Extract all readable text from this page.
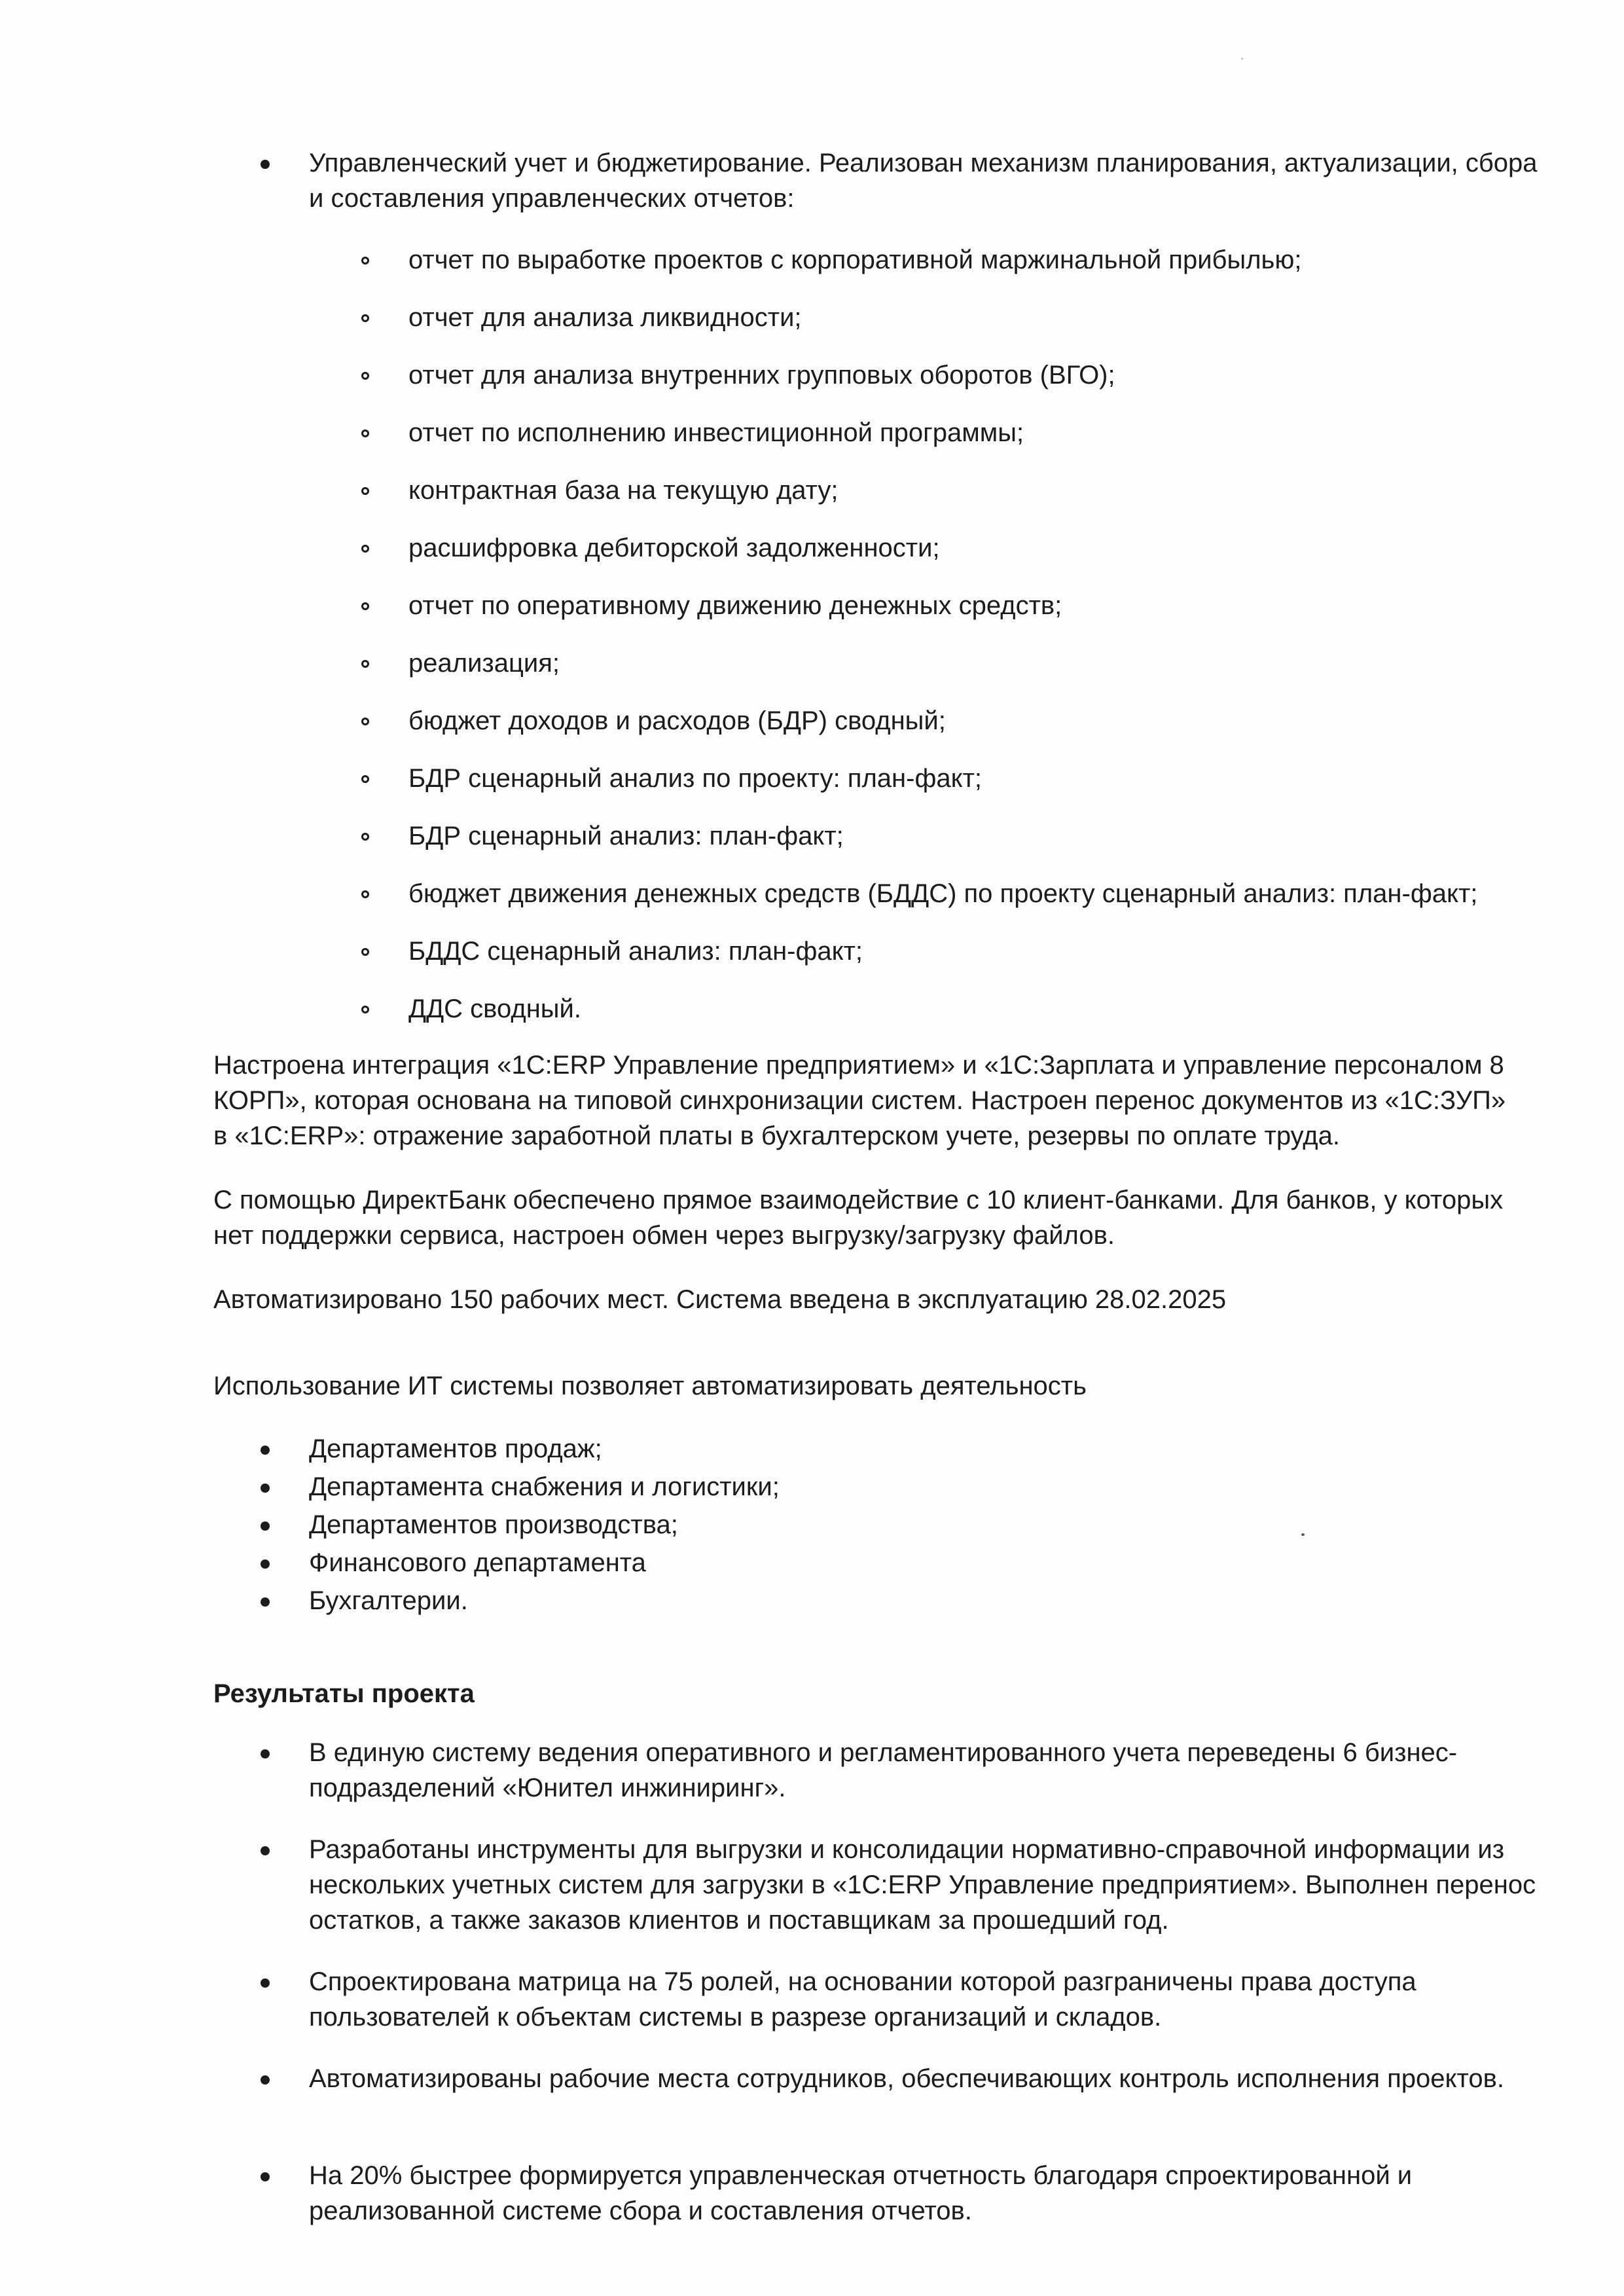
Управленческий учет и бюджетирование. Реализован механизм планирования, актуализации, сбора и составления управленческих отчетов:
отчет по выработке проектов с корпоративной маржинальной прибылью;
отчет для анализа ликвидности;
отчет для анализа внутренних групповых оборотов (ВГО);
отчет по исполнению инвестиционной программы;
контрактная база на текущую дату;
расшифровка дебиторской задолженности;
отчет по оперативному движению денежных средств;
реализация;
бюджет доходов и расходов (БДР) сводный;
БДР сценарный анализ по проекту: план-факт;
БДР сценарный анализ: план-факт;
бюджет движения денежных средств (БДДС) по проекту сценарный анализ: план-факт;
БДДС сценарный анализ: план-факт;
ДДС сводный.
Настроена интеграция «1С:ERP Управление предприятием» и «1С:Зарплата и управление персоналом 8 КОРП», которая основана на типовой синхронизации систем. Настроен перенос документов из «1С:ЗУП» в «1С:ERP»: отражение заработной платы в бухгалтерском учете, резервы по оплате труда.
С помощью ДиректБанк обеспечено прямое взаимодействие с 10 клиент-банками. Для банков, у которых нет поддержки сервиса, настроен обмен через выгрузку/загрузку файлов.
Автоматизировано 150 рабочих мест. Система введена в эксплуатацию 28.02.2025
Использование ИТ системы позволяет автоматизировать деятельность
Департаментов продаж;
Департамента снабжения и логистики;
Департаментов производства;
Финансового департамента
Бухгалтерии.
Результаты проекта
В единую систему ведения оперативного и регламентированного учета переведены 6 бизнес-подразделений «Юнител инжиниринг».
Разработаны инструменты для выгрузки и консолидации нормативно-справочной информации из нескольких учетных систем для загрузки в «1С:ERP Управление предприятием». Выполнен перенос остатков, а также заказов клиентов и поставщикам за прошедший год.
Спроектирована матрица на 75 ролей, на основании которой разграничены права доступа пользователей к объектам системы в разрезе организаций и складов.
Автоматизированы рабочие места сотрудников, обеспечивающих контроль исполнения проектов.
На 20% быстрее формируется управленческая отчетность благодаря спроектированной и реализованной системе сбора и составления отчетов.
